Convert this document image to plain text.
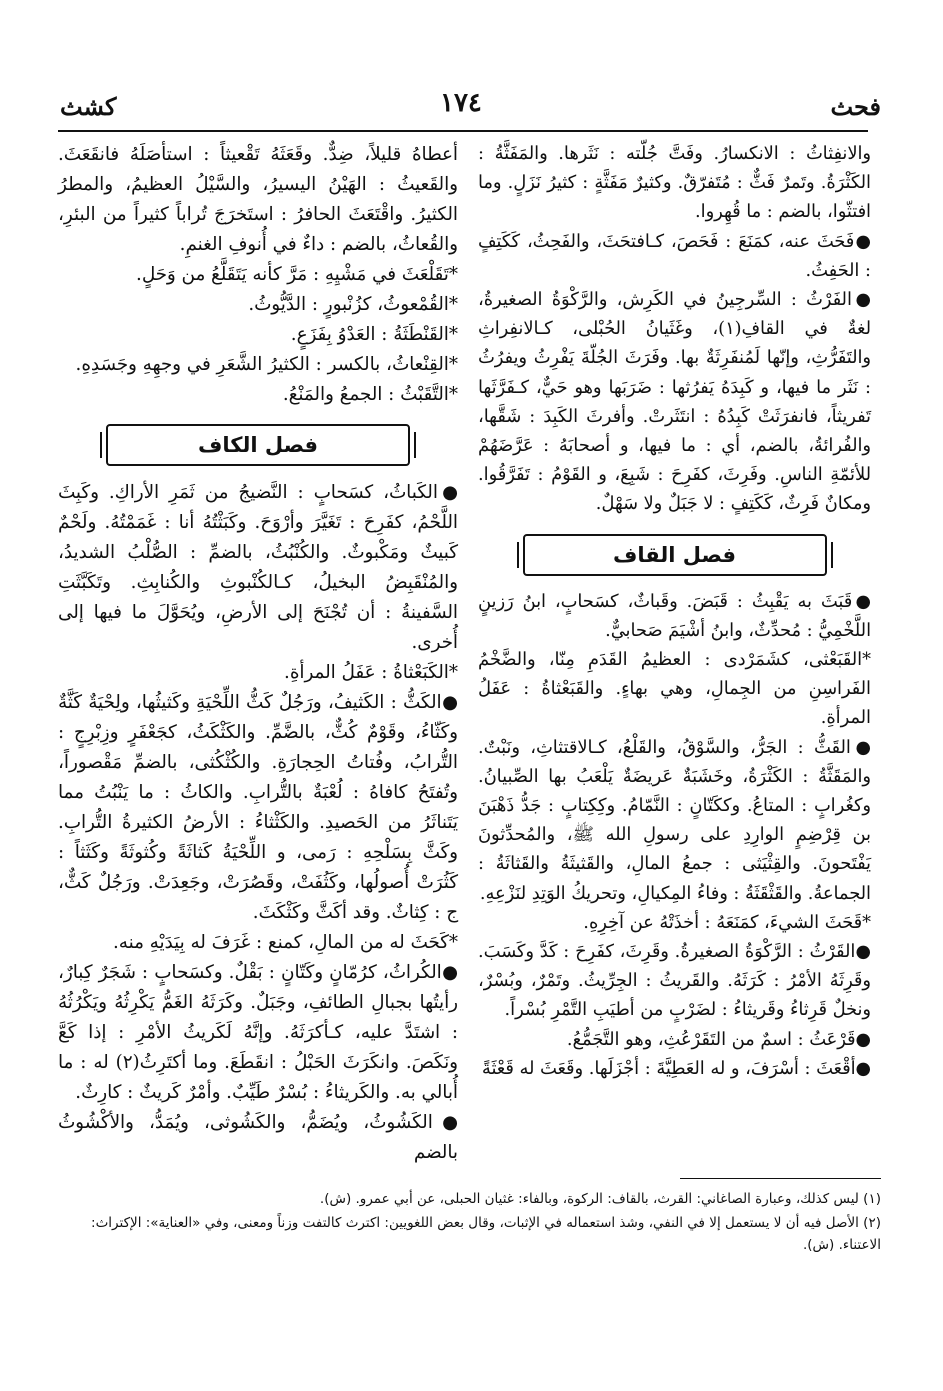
فحث
١٧٤
كشث

والانفِثاثُ : الانكسارُ. وفَتَّ جُلّته : نَثَرها. والمَفَثَّةُ : الكَثْرَةُ. وتَمرٌ فَثٌّ : مُتَفرّقٌ. وكثيرٌ مَفَثَّةٍ : كثيرُ نَزَلٍ. وما افتثّوا، بالضم : ما قُهِروا.

●فَحَثَ عنه، كمَنَعَ : فَحَصَ، كـافتحَثَ، والفَحِثُ، كَكَتِفٍ : الحَفِثُ.

●الفَرْثُ : السِّرجِينُ في الكَرِش، والرَّكْوَةُ الصغيرةُ، لغةٌ في القافِ(١)، وغَثَيانُ الحُبْلى، كـالانفِراثِ والتَفَرُّثِ، وإنّها لَمُنفَرِثَةٌ بها. وفَرَثَ الجُلّةَ يَفْرِثُ ويفرُثُ : نَثَر ما فيها، و كَبِدَهُ يَفرُثها : ضَرَبَها وهو حَيٌّ، كـفَرَّثَها تَفريثاً، فانفرَثَتْ كَبِدُهُ : انتَثَرتْ. وأفرثَ الكَبِدَ : شَقَّها، والفُرائةُ، بالضم، أي : ما فيها، و أصحابَهُ : عَرَّضَهُمْ للأئمّةِ الناسِ. وفَرِثَ، كفَرِحَ : شَبِعَ، و القَوْمُ : تَفَرَّقُوا. ومكانٌ فَرِثٌ، كَكَتِفٍ : لا جَبَلٌ ولا سَهْلٌ.

فصل القاف

●قَبَثَ به يَقْبِثُ : قَبَضَ. وقَباثٌ، كسَحابٍ، ابنُ رَزينٍ اللَّخْمِيُّ : مُحدِّثٌ، وابنُ أشْيَمَ صَحابيٌّ.

*القَبَعْثى، كشَمَرْدى : العظيمُ القَدَمِ مِنّا، والضَّخْمُ الفَراسِنِ من الجِمالِ، وهي بهاءٍ. والقَبَعْثاةُ : عَفَلُ المرأةِ.

●القَثُّ : الجَرُّ، والسَّوْقُ، والقَلْعُ، كـالاقتثاثِ، ونَبْتٌ. والمَقَثَّةُ : الكَثْرَةُ، وخَشَبَةٌ عَريضَةٌ يَلْعَبُ بها الصِّبيانُ. وكغُرابٍ : المتاعُ. وككَتّانٍ : النَّمّامُ. وكِكِتابٍ : جَدُّ ذَهْبَنَ بن قِرْضِمٍ الوارِدِ على رسولِ الله ﷺ، والمُحدِّثونَ يَفْتَحونَ. والقِثْيَثى : جمعُ المالِ، والقَثيثَةُ والقَثاثَةُ : الجماعةُ. والقَثْقَثَةُ : وفاءُ المِكيالِ، وتحريكُ الوَتِدِ لنَزْعِهِ.

*قَحَثَ الشيءَ، كمَنَعَهُ : أخذَتْهُ عن آخِرِهِ.

●القَرْثُ : الرَّكْوَةُ الصغيرةُ. وقَرِثَ، كفَرِحَ : كَدَّ وكَسَبَ. وقَرِثَهُ الأمْرُ : كَرَثَهُ. والقَريثُ : الجِرِّيثُ. وتَمْرٌ، وبُسْرٌ، ونخلٌ قَرِثاءُ وقَريثاءُ : لضَرْبٍ من أطيَبِ التَّمْرِ بُسْراً.

●قَرْعَثُ : اسمٌ من التَقَرْعُثِ، وهو التَّجَمُّعُ.

●أقْعَثَ : أسْرَفَ، و له العَطِيَّةَ : أجْزَلَها. وقَعَثَ له قَعْثَةً

أعطاهُ قليلاً، ضِدٌّ. وقَعَثَهُ تَقْعيثاً : استأصَلَهُ فانقَعَثَ. والقَعيثُ : الهَيْنُ اليسيرُ، والسَّيْلُ العظيمُ، والمطرُ الكثيرُ. واقْتَعَثَ الحافرُ : استَخرَجَ تُراباً كثيراً من البئرِ، والقُعاثُ، بالضم : داءٌ في أُنوفِ الغنمِ.

*تَقَلْعَثَ في مَشْيِهِ : مَرَّ كأنه يَتَقَلَّعُ من وَحَلٍ.

*القُمْعوثُ، كزُنْبورٍ : الدَّيُّوثُ.

*القَنْطَثَةُ : العَدْوُ بِفَزَعٍ.

*القِنْعاثُ، بالكسر : الكثيرُ الشَّعَرِ في وجهِهِ وجَسَدِهِ.

*التَّقَبْثُ : الجمعُ والمَنْعُ.

فصل الكاف

●الكَباثُ، كسَحابٍ : النَّضيجُ من ثَمَرِ الأراكِ. وكَبِثَ اللَّحْمُ، كفَرِحَ : تَغَيَّرَ وأرْوَحَ. وكَبَثْتُهُ أنا : غَمَمْتُهُ. ولَحْمٌ كَبيثٌ ومَكْبوثٌ. والكُنْبُثُ، بالضمِّ : الصُّلْبُ الشديدُ، والمُنْقَبِضُ البخيلُ، كـالكُنْبوثِ والكُنابِثِ. وتَكَبَّثَتِ السَّفينةُ : أن تُجْنَحَ إلى الأرضِ، ويُحَوَّلَ ما فيها إلى أُخرى.

*الكَبَعْثاةُ : عَفَلُ المرأةِ.

●الكَثُّ : الكَثيفُ، ورَجُلٌ كَثُّ اللِّحْيَةِ وكَثيثُها، ولِحْيَةٌ كَثَّةٌ وكَثّاءُ، وقَوْمٌ كُثٌّ، بالضَّمِّ. والكَثْكَثُ، كجَعْفَرٍ وزِبْرِجٍ : التُّرابُ، وفُتاتُ الحِجارَةِ. والكُثْكُثى، بالضمِّ مَقْصوراً، وتُفتَحُ كافاهُ : لُعْبَةٌ بالتُّرابِ. والكاثُ : ما يَنْبُتُ مما يَتَناثَرُ من الحَصيدِ. والكَثْثاءُ : الأرضُ الكثيرةُ التُّرابِ. وكَثَّ بِسَلْحِهِ : رَمى، و اللِّحْيَةُ كَثاثَةً وكُثوثَةً وكَثَثاً : كَثُرَتْ أُصولُها، وكَثُفَتْ، وقَصُرَتْ، وجَعِدَتْ. ورَجُلٌ كَثٌّ، ج : كِثاثٌ. وقد أكَثَّ وكَثْكَثَ.

*كَحَثَ له من المالِ، كمنع : غَرَفَ له بِيَدَيْهِ منه.

●الكُراثُ، كرُمّانٍ وكَتّانٍ : بَقْلٌ. وكسَحابٍ : شَجَرٌ كِبارٌ، رأيتُها بجبالِ الطائفِ، وجَبَلٌ. وكَرَثَهُ الغَمُّ يَكْرِثُهُ ويَكْرُثُهُ : اشتَدَّ عليه، كـأكرَثَهُ. وإنَّهُ لَكَريثُ الأمْرِ : إذا كَعَّ ونَكَصَ. وانكَرَثَ الحَبْلُ : انقَطَعَ. وما أكتَرِثُ(٢) له : ما أُبالي به. والكَريثاءُ : بُسْرٌ طَيِّبٌ. وأمْرٌ كَريثٌ : كارِثٌ.

●الكَشُوثُ، ويُضَمُّ، والكَشُوثى، ويُمَدُّ، والأكْشُوثُ بالضم

(١) ليس كذلك، وعبارة الصاغاني: القرث، بالقاف: الركوة، وبالفاء: غثيان الحبلى، عن أبي عمرو. (ش).
(٢) الأصل فيه أن لا يستعمل إلا في النفي، وشذ استعماله في الإثبات، وقال بعض اللغويين: اكترث كالتفت وزناً ومعنى، وفي «العناية»: الإكتراث: الاعتناء. (ش).
